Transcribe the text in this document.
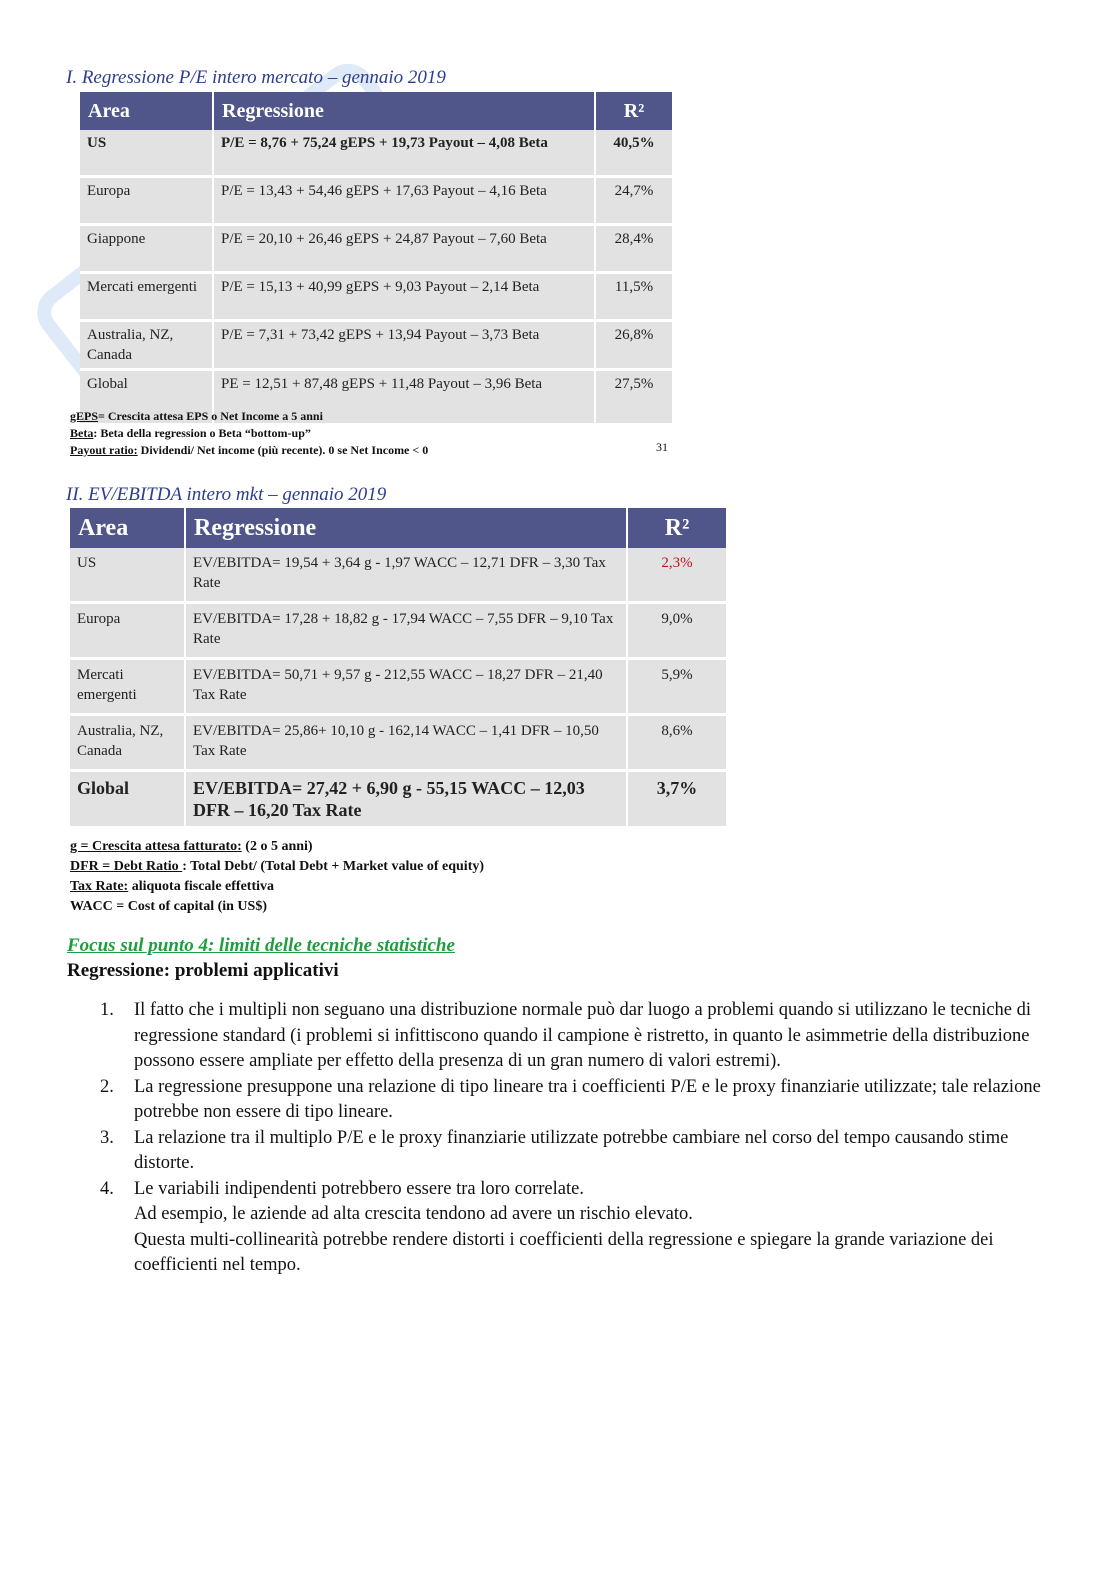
I. Regressione P/E intero mercato – gennaio 2019
Area	Regressione	R²
US	P/E = 8,76 + 75,24 gEPS + 19,73 Payout – 4,08 Beta	40,5%
Europa	P/E = 13,43 + 54,46 gEPS + 17,63 Payout – 4,16 Beta	24,7%
Giappone	P/E = 20,10 + 26,46 gEPS + 24,87 Payout – 7,60 Beta	28,4%
Mercati emergenti	P/E = 15,13 + 40,99 gEPS + 9,03 Payout – 2,14 Beta	11,5%
Australia, NZ, Canada	P/E = 7,31 + 73,42 gEPS + 13,94 Payout – 3,73 Beta	26,8%
Global	PE = 12,51 + 87,48 gEPS + 11,48 Payout – 3,96 Beta	27,5%
gEPS= Crescita attesa EPS o Net Income a 5 anni
Beta: Beta della regression o Beta “bottom-up”
Payout ratio: Dividendi/ Net income (più recente). 0 se Net Income < 0	31
II. EV/EBITDA intero mkt – gennaio 2019
Area	Regressione	R²
US	EV/EBITDA= 19,54 + 3,64 g - 1,97 WACC – 12,71 DFR – 3,30 Tax Rate	2,3%
Europa	EV/EBITDA= 17,28 + 18,82 g - 17,94 WACC – 7,55 DFR – 9,10 Tax Rate	9,0%
Mercati emergenti	EV/EBITDA= 50,71 + 9,57 g - 212,55 WACC – 18,27 DFR – 21,40 Tax Rate	5,9%
Australia, NZ, Canada	EV/EBITDA= 25,86+ 10,10 g - 162,14 WACC – 1,41 DFR – 10,50 Tax Rate	8,6%
Global	EV/EBITDA= 27,42 + 6,90 g - 55,15 WACC – 12,03 DFR – 16,20 Tax Rate	3,7%
g = Crescita attesa fatturato: (2 o 5 anni)
DFR = Debt Ratio : Total Debt/ (Total Debt + Market value of equity)
Tax Rate: aliquota fiscale effettiva
WACC = Cost of capital (in US$)
Focus sul punto 4: limiti delle tecniche statistiche
Regressione: problemi applicativi
1. Il fatto che i multipli non seguano una distribuzione normale può dar luogo a problemi quando si utilizzano le tecniche di regressione standard (i problemi si infittiscono quando il campione è ristretto, in quanto le asimmetrie della distribuzione possono essere ampliate per effetto della presenza di un gran numero di valori estremi).
2. La regressione presuppone una relazione di tipo lineare tra i coefficienti P/E e le proxy finanziarie utilizzate; tale relazione potrebbe non essere di tipo lineare.
3. La relazione tra il multiplo P/E e le proxy finanziarie utilizzate potrebbe cambiare nel corso del tempo causando stime distorte.
4. Le variabili indipendenti potrebbero essere tra loro correlate.
Ad esempio, le aziende ad alta crescita tendono ad avere un rischio elevato.
Questa multi-collinearità potrebbe rendere distorti i coefficienti della regressione e spiegare la grande variazione dei coefficienti nel tempo.
